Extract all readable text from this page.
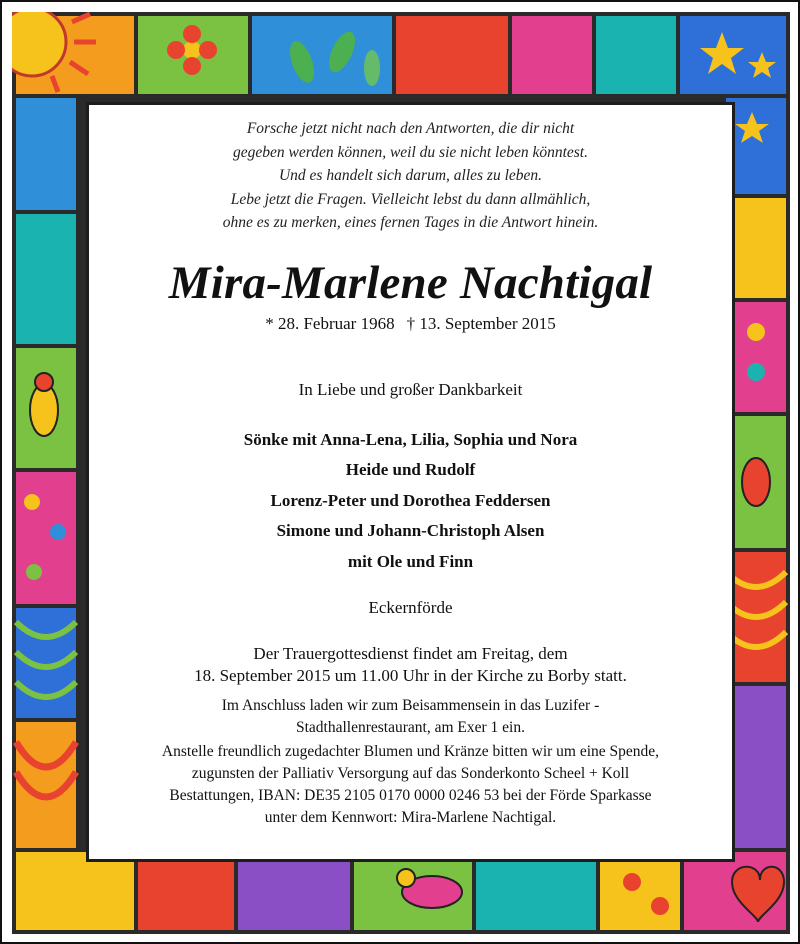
Forsche jetzt nicht nach den Antworten, die dir nicht
gegeben werden können, weil du sie nicht leben könntest.
Und es handelt sich darum, alles zu leben.
Lebe jetzt die Fragen. Vielleicht lebst du dann allmählich,
ohne es zu merken, eines fernen Tages in die Antwort hinein.
Mira-Marlene Nachtigal
* 28. Februar 1968 † 13. September 2015
In Liebe und großer Dankbarkeit
Sönke mit Anna-Lena, Lilia, Sophia und Nora
Heide und Rudolf
Lorenz-Peter und Dorothea Feddersen
Simone und Johann-Christoph Alsen
mit Ole und Finn
Eckernförde
Der Trauergottesdienst findet am Freitag, dem
18. September 2015 um 11.00 Uhr in der Kirche zu Borby statt.
Im Anschluss laden wir zum Beisammensein in das Luzifer -
Stadthallenrestaurant, am Exer 1 ein.
Anstelle freundlich zugedachter Blumen und Kränze bitten wir um eine Spende,
zugunsten der Palliativ Versorgung auf das Sonderkonto Scheel + Koll
Bestattungen, IBAN: DE35 2105 0170 0000 0246 53 bei der Förde Sparkasse
unter dem Kennwort: Mira-Marlene Nachtigal.
